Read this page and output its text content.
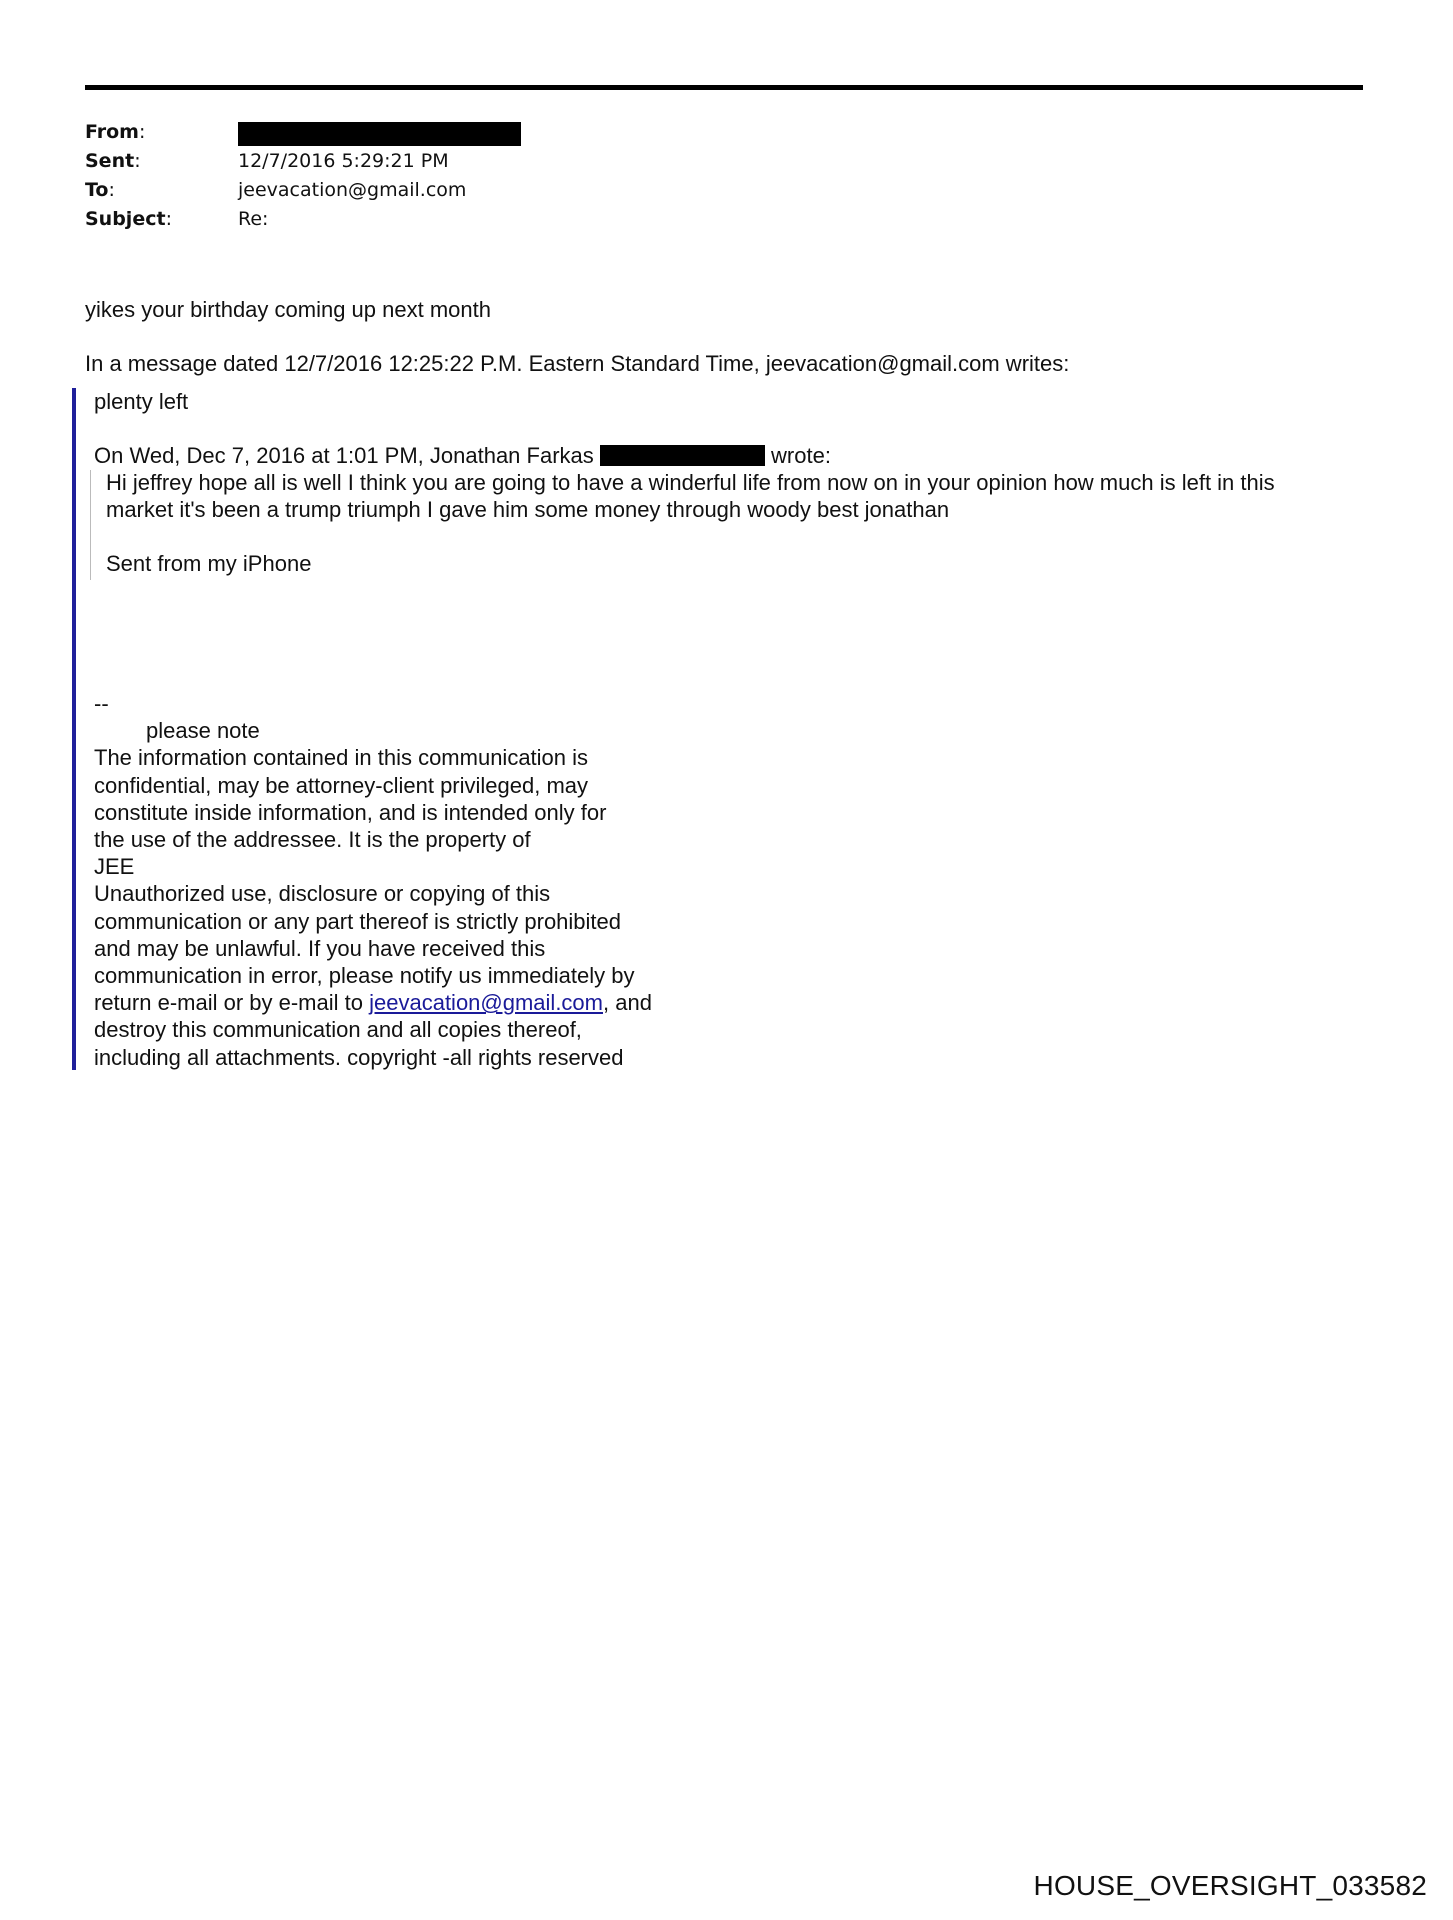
From:
Sent:	12/7/2016 5:29:21 PM
To:	jeevacation@gmail.com
Subject:	Re:
yikes your birthday coming up next month
In a message dated 12/7/2016 12:25:22 P.M. Eastern Standard Time, jeevacation@gmail.com writes:

plenty left

On Wed, Dec 7, 2016 at 1:01 PM, Jonathan Farkas	wrote:

Hi jeffrey hope all is well I think you are going to have a winderful life from now on in your opinion how much is left in this

market it's been a trump triumph I gave him some money through woody best jonathan

Sent from my iPhone

--
please note
The information contained in this communication is
confidential, may be attorney-client privileged, may
constitute inside information, and is intended only for
the use of the addressee. It is the property of
JEE
Unauthorized use, disclosure or copying of this
communication or any part thereof is strictly prohibited
and may be unlawful. If you have received this
communication in error, please notify us immediately by
return e-mail or by e-mail to jeevacation@gmail.com, and
destroy this communication and all copies thereof,
including all attachments. copyright -all rights reserved
HOUSE_OVERSIGHT_033582
